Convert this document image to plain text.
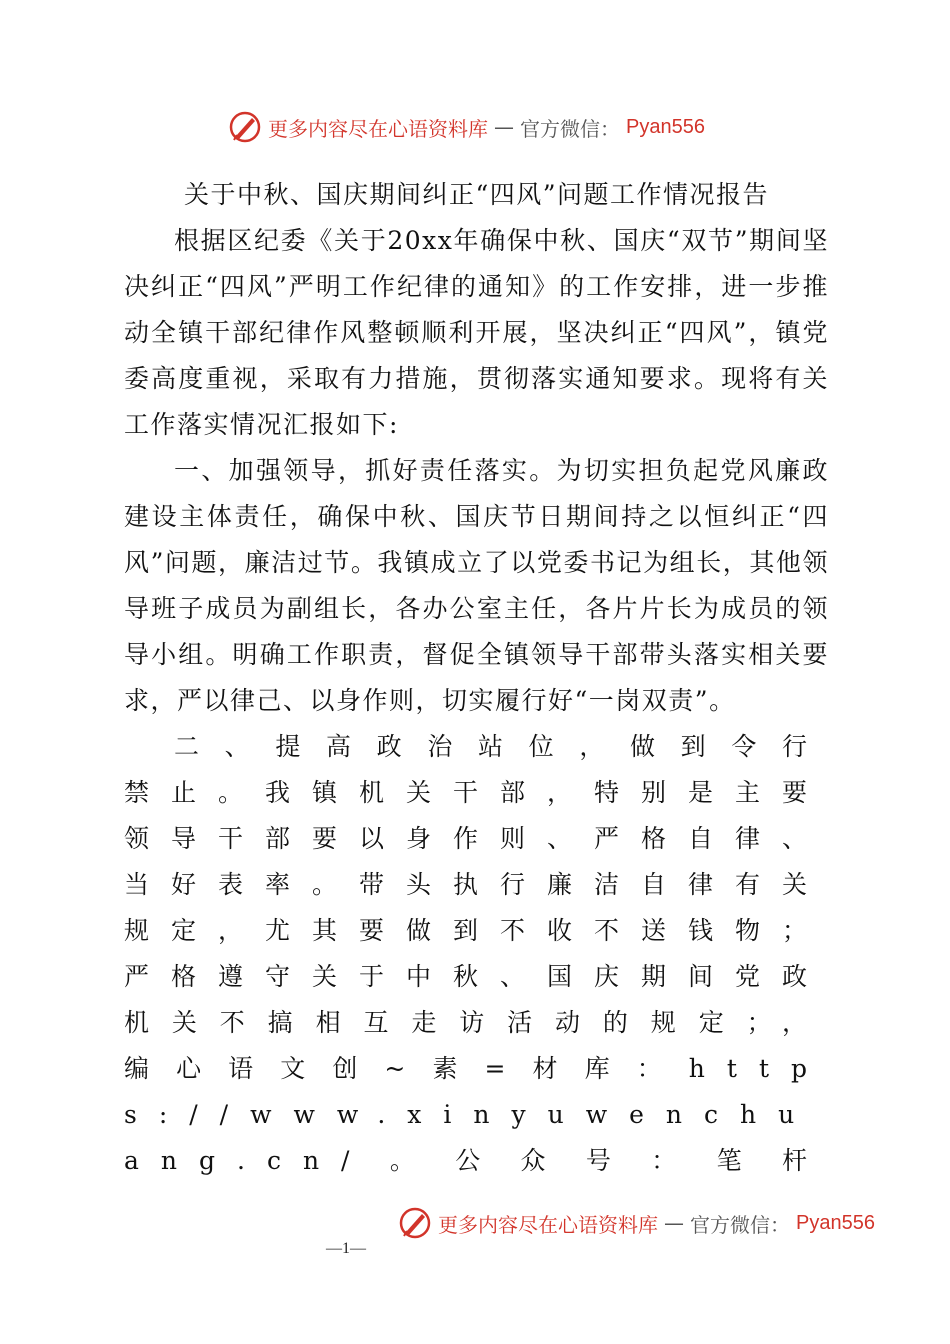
更多内容尽在心语资料库 — 官方微信： Pyan556

关于中秋、国庆期间纠正“四风”问题工作情况报告

根据区纪委《关于20xx年确保中秋、国庆“双节”期间坚决纠正“四风”严明工作纪律的通知》的工作安排，进一步推动全镇干部纪律作风整顿顺利开展，坚决纠正“四风”，镇党委高度重视，采取有力措施，贯彻落实通知要求。现将有关工作落实情况汇报如下:

一、加强领导，抓好责任落实。为切实担负起党风廉政建设主体责任，确保中秋、国庆节日期间持之以恒纠正“四风”问题，廉洁过节。我镇成立了以党委书记为组长，其他领导班子成员为副组长，各办公室主任，各片片长为成员的领导小组。明确工作职责，督促全镇领导干部带头落实相关要求，严以律己、以身作则，切实履行好“一岗双责”。

二、提高政治站位，做到令行禁止。我镇机关干部，特别是主要领导干部要以身作则、严格自律、当好表率。带头执行廉洁自律有关规定，尤其要做到不收不送钱物；严格遵守关于中秋、国庆期间党政机关不搞相互走访活动的规定；，编心语文创~素=材库：https://www.xinyuwenchuang.cn/。公众号：笔杆

更多内容尽在心语资料库 — 官方微信： Pyan556
—1—
